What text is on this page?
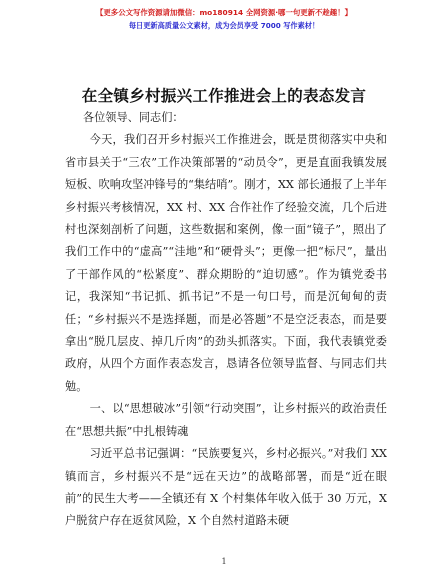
【更多公文写作资源请加微信：mo180914 全网资源·哪一句更新不趁趣！】
每日更新高质量公文素材，成为会员享受 7000 写作素材！
在全镇乡村振兴工作推进会上的表态发言

各位领导、同志们：

今天，我们召开乡村振兴工作推进会，既是贯彻落实中央和省市县关于“三农”工作决策部署的“动员令”，更是直面我镇发展短板、吹响攻坚冲锋号的“集结哨”。刚才，XX 部长通报了上半年乡村振兴考核情况，XX 村、XX 合作社作了经验交流，几个后进村也深刻剖析了问题，这些数据和案例，像一面“镜子”，照出了我们工作中的“虚高”“洼地”和“硬骨头”；更像一把“标尺”，量出了干部作风的“松紧度”、群众期盼的“迫切感”。作为镇党委书记，我深知“书记抓、抓书记”不是一句口号，而是沉甸甸的责任；“乡村振兴不是选择题，而是必答题”不是空泛表态，而是要拿出“脱几层皮、掉几斤肉”的劲头抓落实。下面，我代表镇党委政府，从四个方面作表态发言，恳请各位领导监督、与同志们共勉。

一、以“思想破冰”引领“行动突围”，让乡村振兴的政治责任在“思想共振”中扎根铸魂

习近平总书记强调：“民族要复兴，乡村必振兴。”对我们 XX 镇而言，乡村振兴不是“远在天边”的战略部署，而是“近在眼前”的民生大考——全镇还有 X 个村集体年收入低于 30 万元，X 户脱贫户存在返贫风险，X 个自然村道路未硬

1
